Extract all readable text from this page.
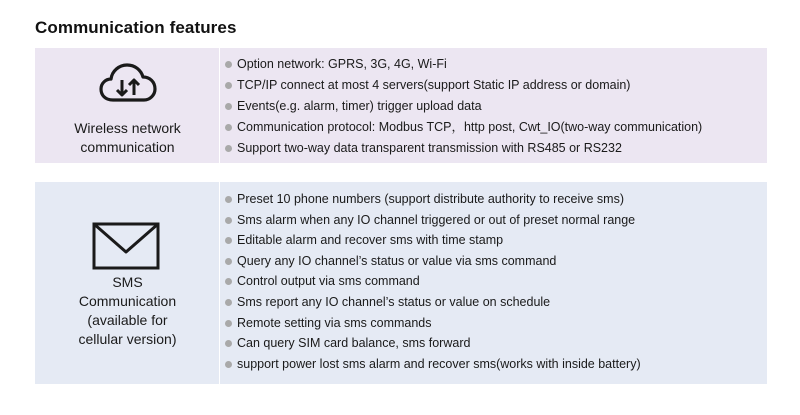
Communication features
Wireless network
communication
Option network: GPRS, 3G, 4G, Wi-Fi
TCP/IP connect at most 4 servers(support Static IP address or domain)
Events(e.g. alarm, timer) trigger upload data
Communication protocol: Modbus TCP，http post, Cwt_IO(two-way communication)
Support two-way data transparent transmission with RS485 or RS232
SMS
Communication
(available for
cellular version)
Preset 10 phone numbers (support distribute authority to receive sms)
Sms alarm when any IO channel triggered or out of preset normal range
Editable alarm and recover sms with time stamp
Query any IO channel’s status or value via sms command
Control output via sms command
Sms report any IO channel’s status or value on schedule
Remote setting via sms commands
Can query SIM card balance, sms forward
support power lost sms alarm and recover sms(works with inside battery)
